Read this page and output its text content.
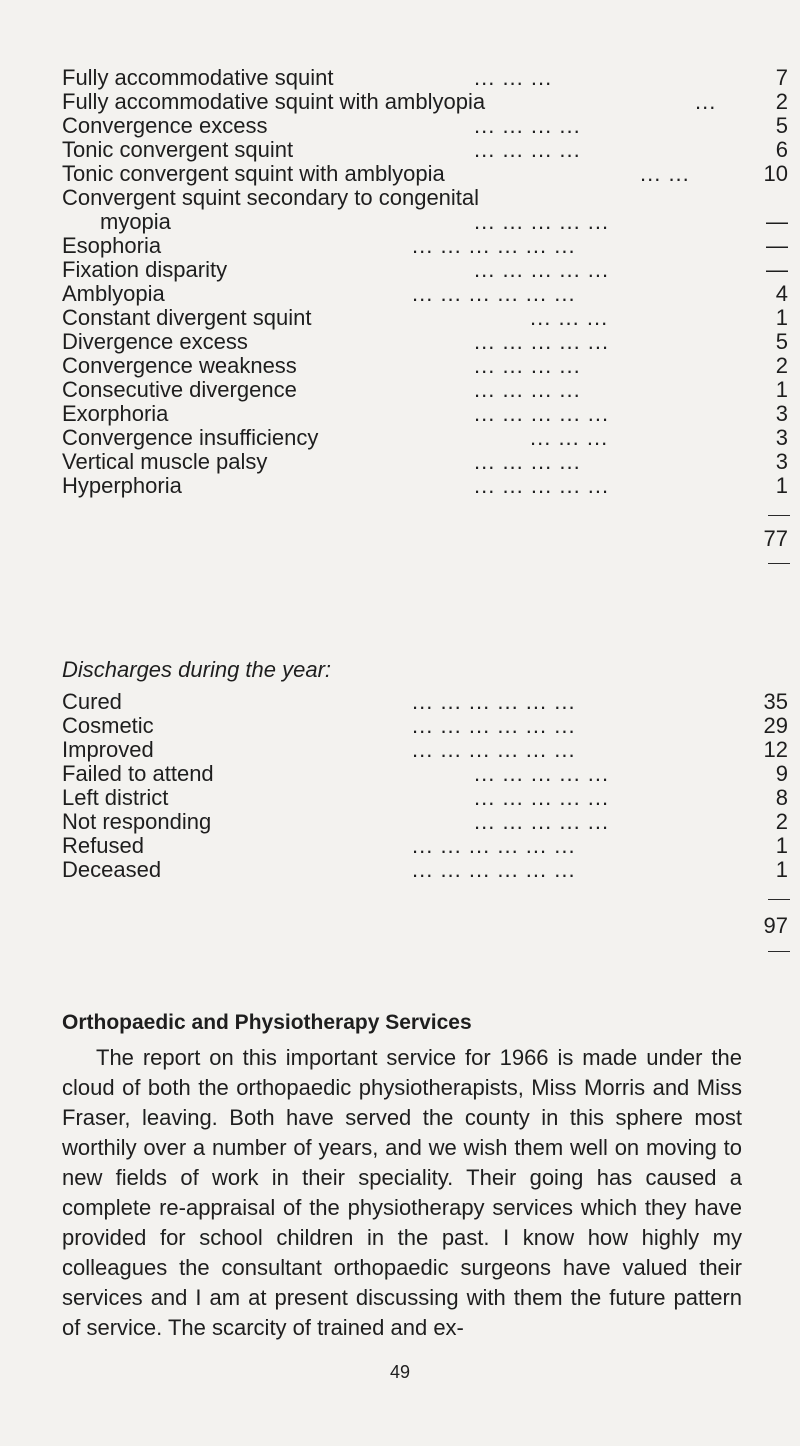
Fully accommodative squint	... ... ...	7
Fully accommodative squint with amblyopia	...	2
Convergence excess	... ... ... ...	5
Tonic convergent squint	... ... ... ...	6
Tonic convergent squint with amblyopia	... ...	10
Convergent squint secondary to congenital
myopia	... ... ... ... ...	—
Esophoria	... ... ... ... ... ...	—
Fixation disparity	... ... ... ... ...	—
Amblyopia	... ... ... ... ... ...	4
Constant divergent squint	... ... ...	1
Divergence excess	... ... ... ... ...	5
Convergence weakness	... ... ... ...	2
Consecutive divergence	... ... ... ...	1
Exorphoria	... ... ... ... ...	3
Convergence insufficiency	... ... ...	3
Vertical muscle palsy	... ... ... ...	3
Hyperphoria	... ... ... ... ...	1
77
Discharges during the year:
Cured	... ... ... ... ... ...	35
Cosmetic	... ... ... ... ... ...	29
Improved	... ... ... ... ... ...	12
Failed to attend	... ... ... ... ...	9
Left district	... ... ... ... ...	8
Not responding	... ... ... ... ...	2
Refused	... ... ... ... ... ...	1
Deceased	... ... ... ... ... ...	1
97
Orthopaedic and Physiotherapy Services

The report on this important service for 1966 is made under the cloud of both the orthopaedic physiotherapists, Miss Morris and Miss Fraser, leaving. Both have served the county in this sphere most worthily over a number of years, and we wish them well on moving to new fields of work in their speciality. Their going has caused a complete re-appraisal of the physiotherapy services which they have provided for school children in the past. I know how highly my colleagues the consultant orthopaedic surgeons have valued their services and I am at present discussing with them the future pattern of service. The scarcity of trained and ex-

49
